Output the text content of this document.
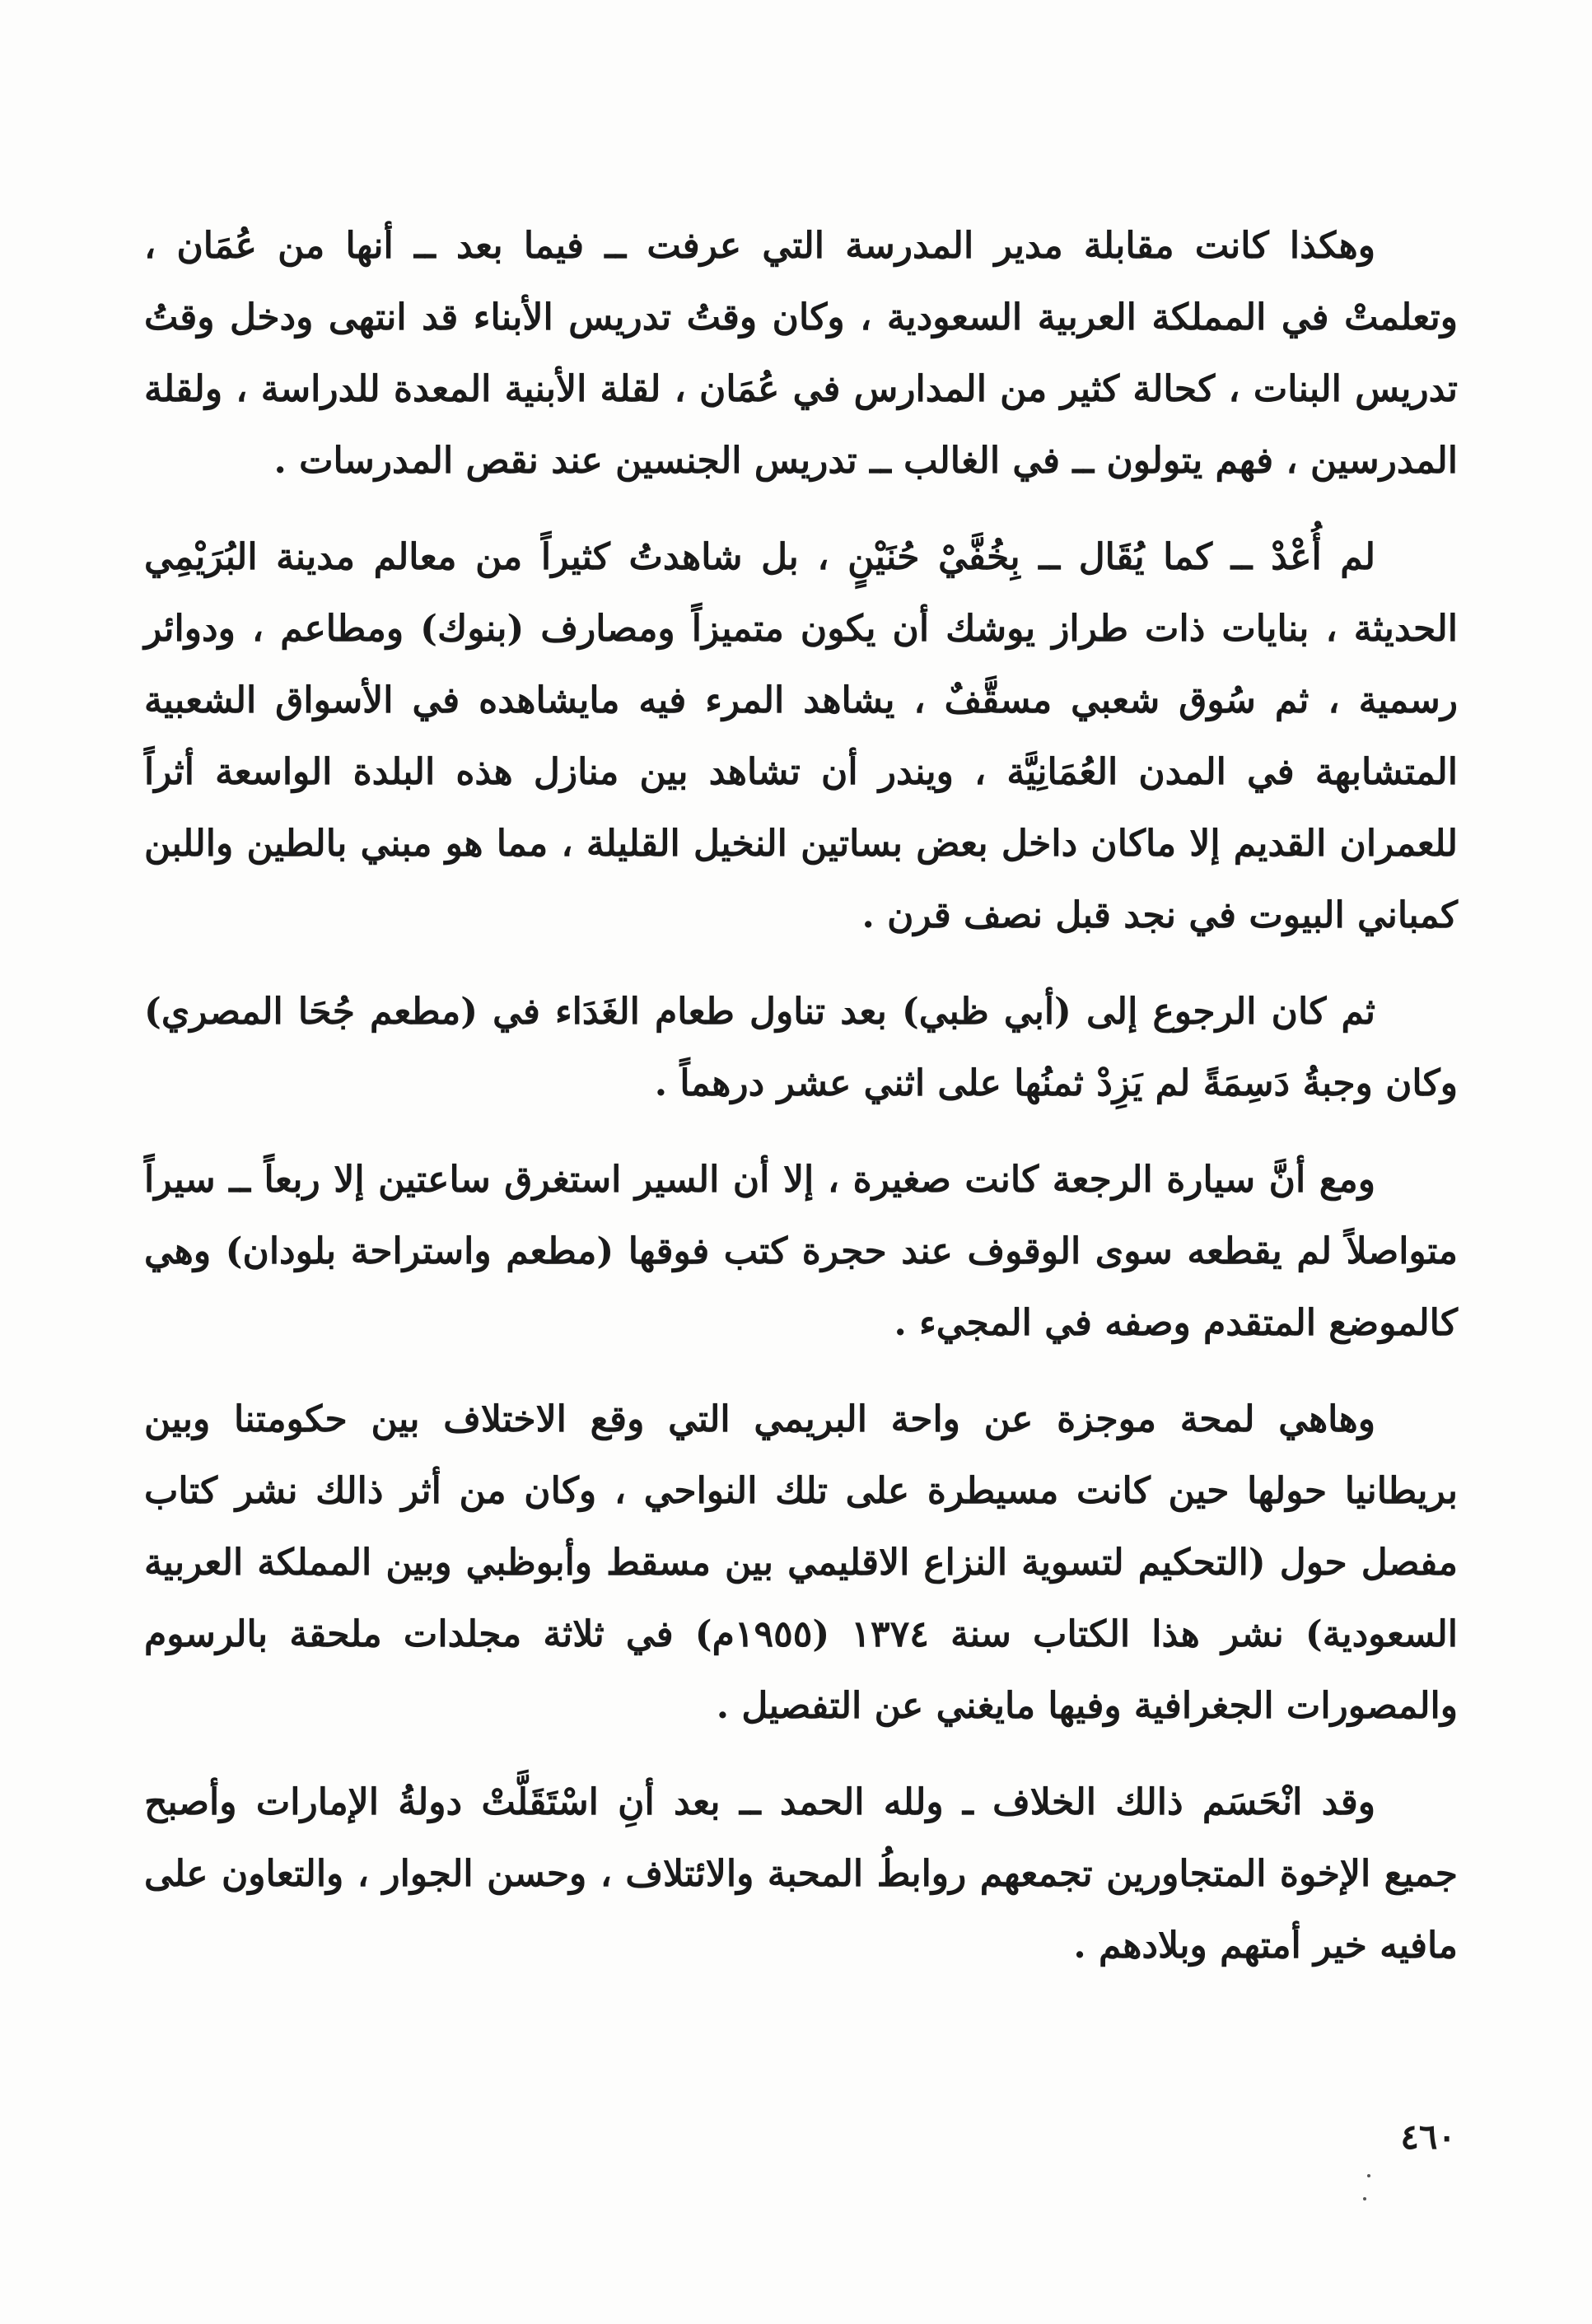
وهكذا كانت مقابلة مدير المدرسة التي عرفت ــ فيما بعد ــ أنها من عُمَان ، وتعلمتْ في المملكة العربية السعودية ، وكان وقتُ تدريس الأبناء قد انتهى ودخل وقتُ تدريس البنات ، كحالة كثير من المدارس في عُمَان ، لقلة الأبنية المعدة للدراسة ، ولقلة المدرسين ، فهم يتولون ــ في الغالب ــ تدريس الجنسين عند نقص المدرسات .

لم أُعْدْ ــ كما يُقَال ــ بِخُفَّيْ حُنَيْنٍ ، بل شاهدتُ كثيراً من معالم مدينة البُرَيْمِي الحديثة ، بنايات ذات طراز يوشك أن يكون متميزاً ومصارف (بنوك) ومطاعم ، ودوائر رسمية ، ثم سُوق شعبي مسقَّفٌ ، يشاهد المرء فيه مايشاهده في الأسواق الشعبية المتشابهة في المدن العُمَانِيَّة ، ويندر أن تشاهد بين منازل هذه البلدة الواسعة أثراً للعمران القديم إلا ماكان داخل بعض بساتين النخيل القليلة ، مما هو مبني بالطين واللبن كمباني البيوت في نجد قبل نصف قرن .

ثم كان الرجوع إلى (أبي ظبي) بعد تناول طعام الغَدَاء في (مطعم جُحَا المصري) وكان وجبةُ دَسِمَةً لم يَزِدْ ثمنُها على اثني عشر درهماً .

ومع أنَّ سيارة الرجعة كانت صغيرة ، إلا أن السير استغرق ساعتين إلا ربعاً ــ سيراً متواصلاً لم يقطعه سوى الوقوف عند حجرة كتب فوقها (مطعم واستراحة بلودان) وهي كالموضع المتقدم وصفه في المجيء .

وهاهي لمحة موجزة عن واحة البريمي التي وقع الاختلاف بين حكومتنا وبين بريطانيا حولها حين كانت مسيطرة على تلك النواحي ، وكان من أثر ذالك نشر كتاب مفصل حول (التحكيم لتسوية النزاع الاقليمي بين مسقط وأبوظبي وبين المملكة العربية السعودية) نشر هذا الكتاب سنة ١٣٧٤ (١٩٥٥م) في ثلاثة مجلدات ملحقة بالرسوم والمصورات الجغرافية وفيها مايغني عن التفصيل .

وقد انْحَسَم ذالك الخلاف ـ ولله الحمد ــ بعد أنِ اسْتَقَلَّتْ دولةُ الإمارات وأصبح جميع الإخوة المتجاورين تجمعهم روابطُ المحبة والائتلاف ، وحسن الجوار ، والتعاون على مافيه خير أمتهم وبلادهم .

٤٦٠
